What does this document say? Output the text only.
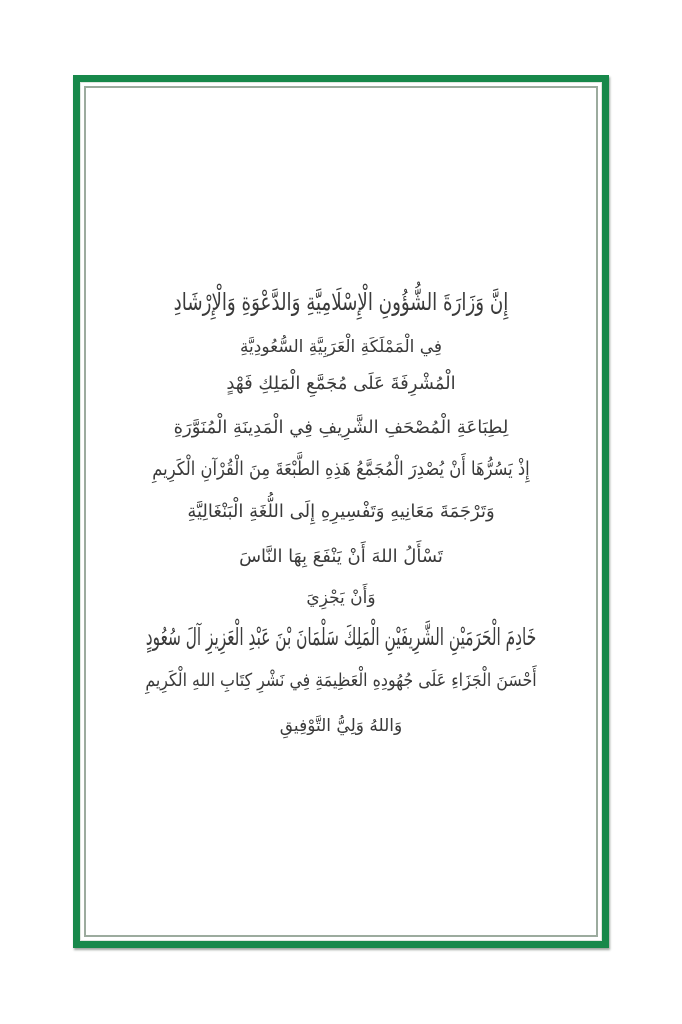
إِنَّ وَزَارَةَ الشُّؤُونِ الْإِسْلَامِيَّةِ وَالدَّعْوَةِ وَالْإِرْشَادِ

فِي الْمَمْلَكَةِ الْعَرَبِيَّةِ السُّعُودِيَّةِ

الْمُشْرِفَةَ عَلَى مُجَمَّعِ الْمَلِكِ فَهْدٍ

لِطِبَاعَةِ الْمُصْحَفِ الشَّرِيفِ فِي الْمَدِينَةِ الْمُنَوَّرَةِ

إِذْ يَسُرُّهَا أَنْ يُصْدِرَ الْمُجَمَّعُ هَذِهِ الطَّبْعَةَ مِنَ الْقُرْآنِ الْكَرِيمِ

وَتَرْجَمَةَ مَعَانِيهِ وَتَفْسِيرِهِ إِلَى اللُّغَةِ الْبَنْغَالِيَّةِ

تَسْأَلُ اللهَ أَنْ يَنْفَعَ بِهَا النَّاسَ

وَأَنْ يَجْزِيَ

خَادِمَ الْحَرَمَيْنِ الشَّرِيفَيْنِ الْمَلِكَ سَلْمَانَ بْنَ عَبْدِ الْعَزِيزِ آلَ سُعُودٍ

أَحْسَنَ الْجَزَاءِ عَلَى جُهُودِهِ الْعَظِيمَةِ فِي نَشْرِ كِتَابِ اللهِ الْكَرِيمِ

وَاللهُ وَلِيُّ التَّوْفِيقِ
